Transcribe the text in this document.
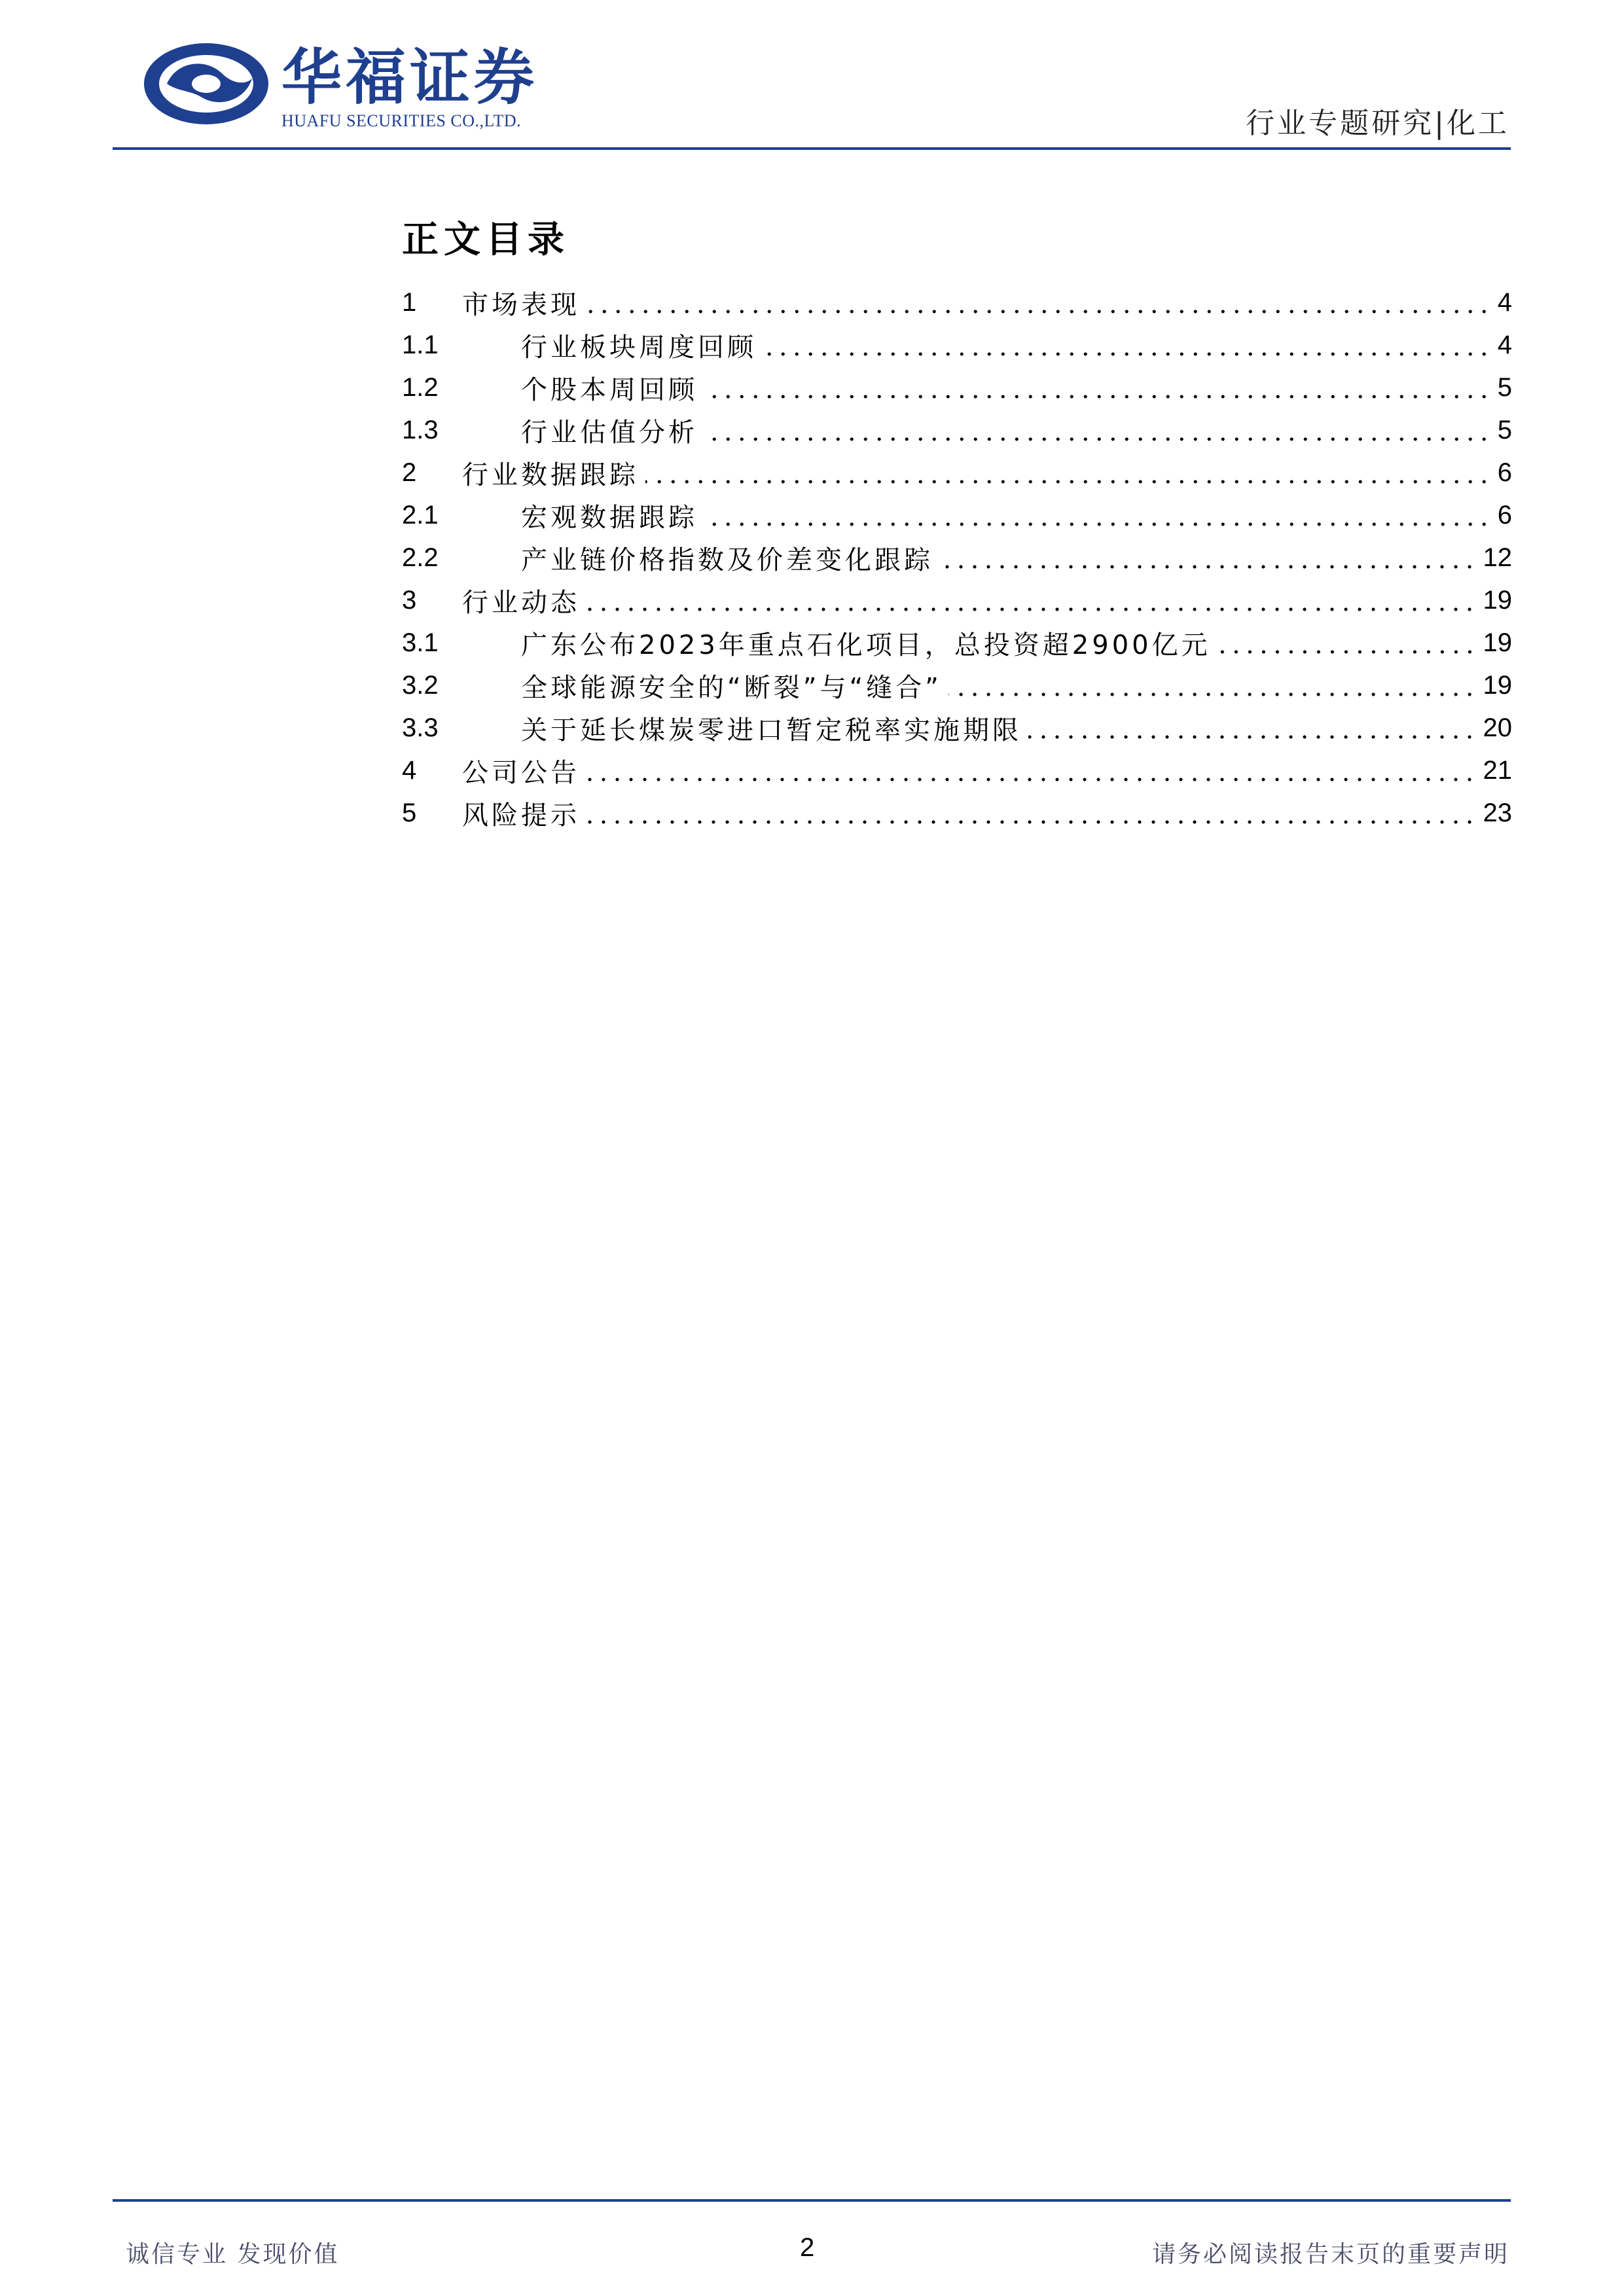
华福证券
HUAFU SECURITIES CO.,LTD.	行业专题研究|化工
正文目录
1	市场表现	4
1.1	行业板块周度回顾	4
1.2	个股本周回顾	5
1.3	行业估值分析	5
2	行业数据跟踪	6
2.1	宏观数据跟踪	6
2.2	产业链价格指数及价差变化跟踪	12
3	行业动态	19
3.1	广东公布2023年重点石化项目，总投资超2900亿元	19
3.2	全球能源安全的“断裂”与“缝合”	19
3.3	关于延长煤炭零进口暂定税率实施期限	20
4	公司公告	21
5	风险提示	23
诚信专业 发现价值	2	请务必阅读报告末页的重要声明
